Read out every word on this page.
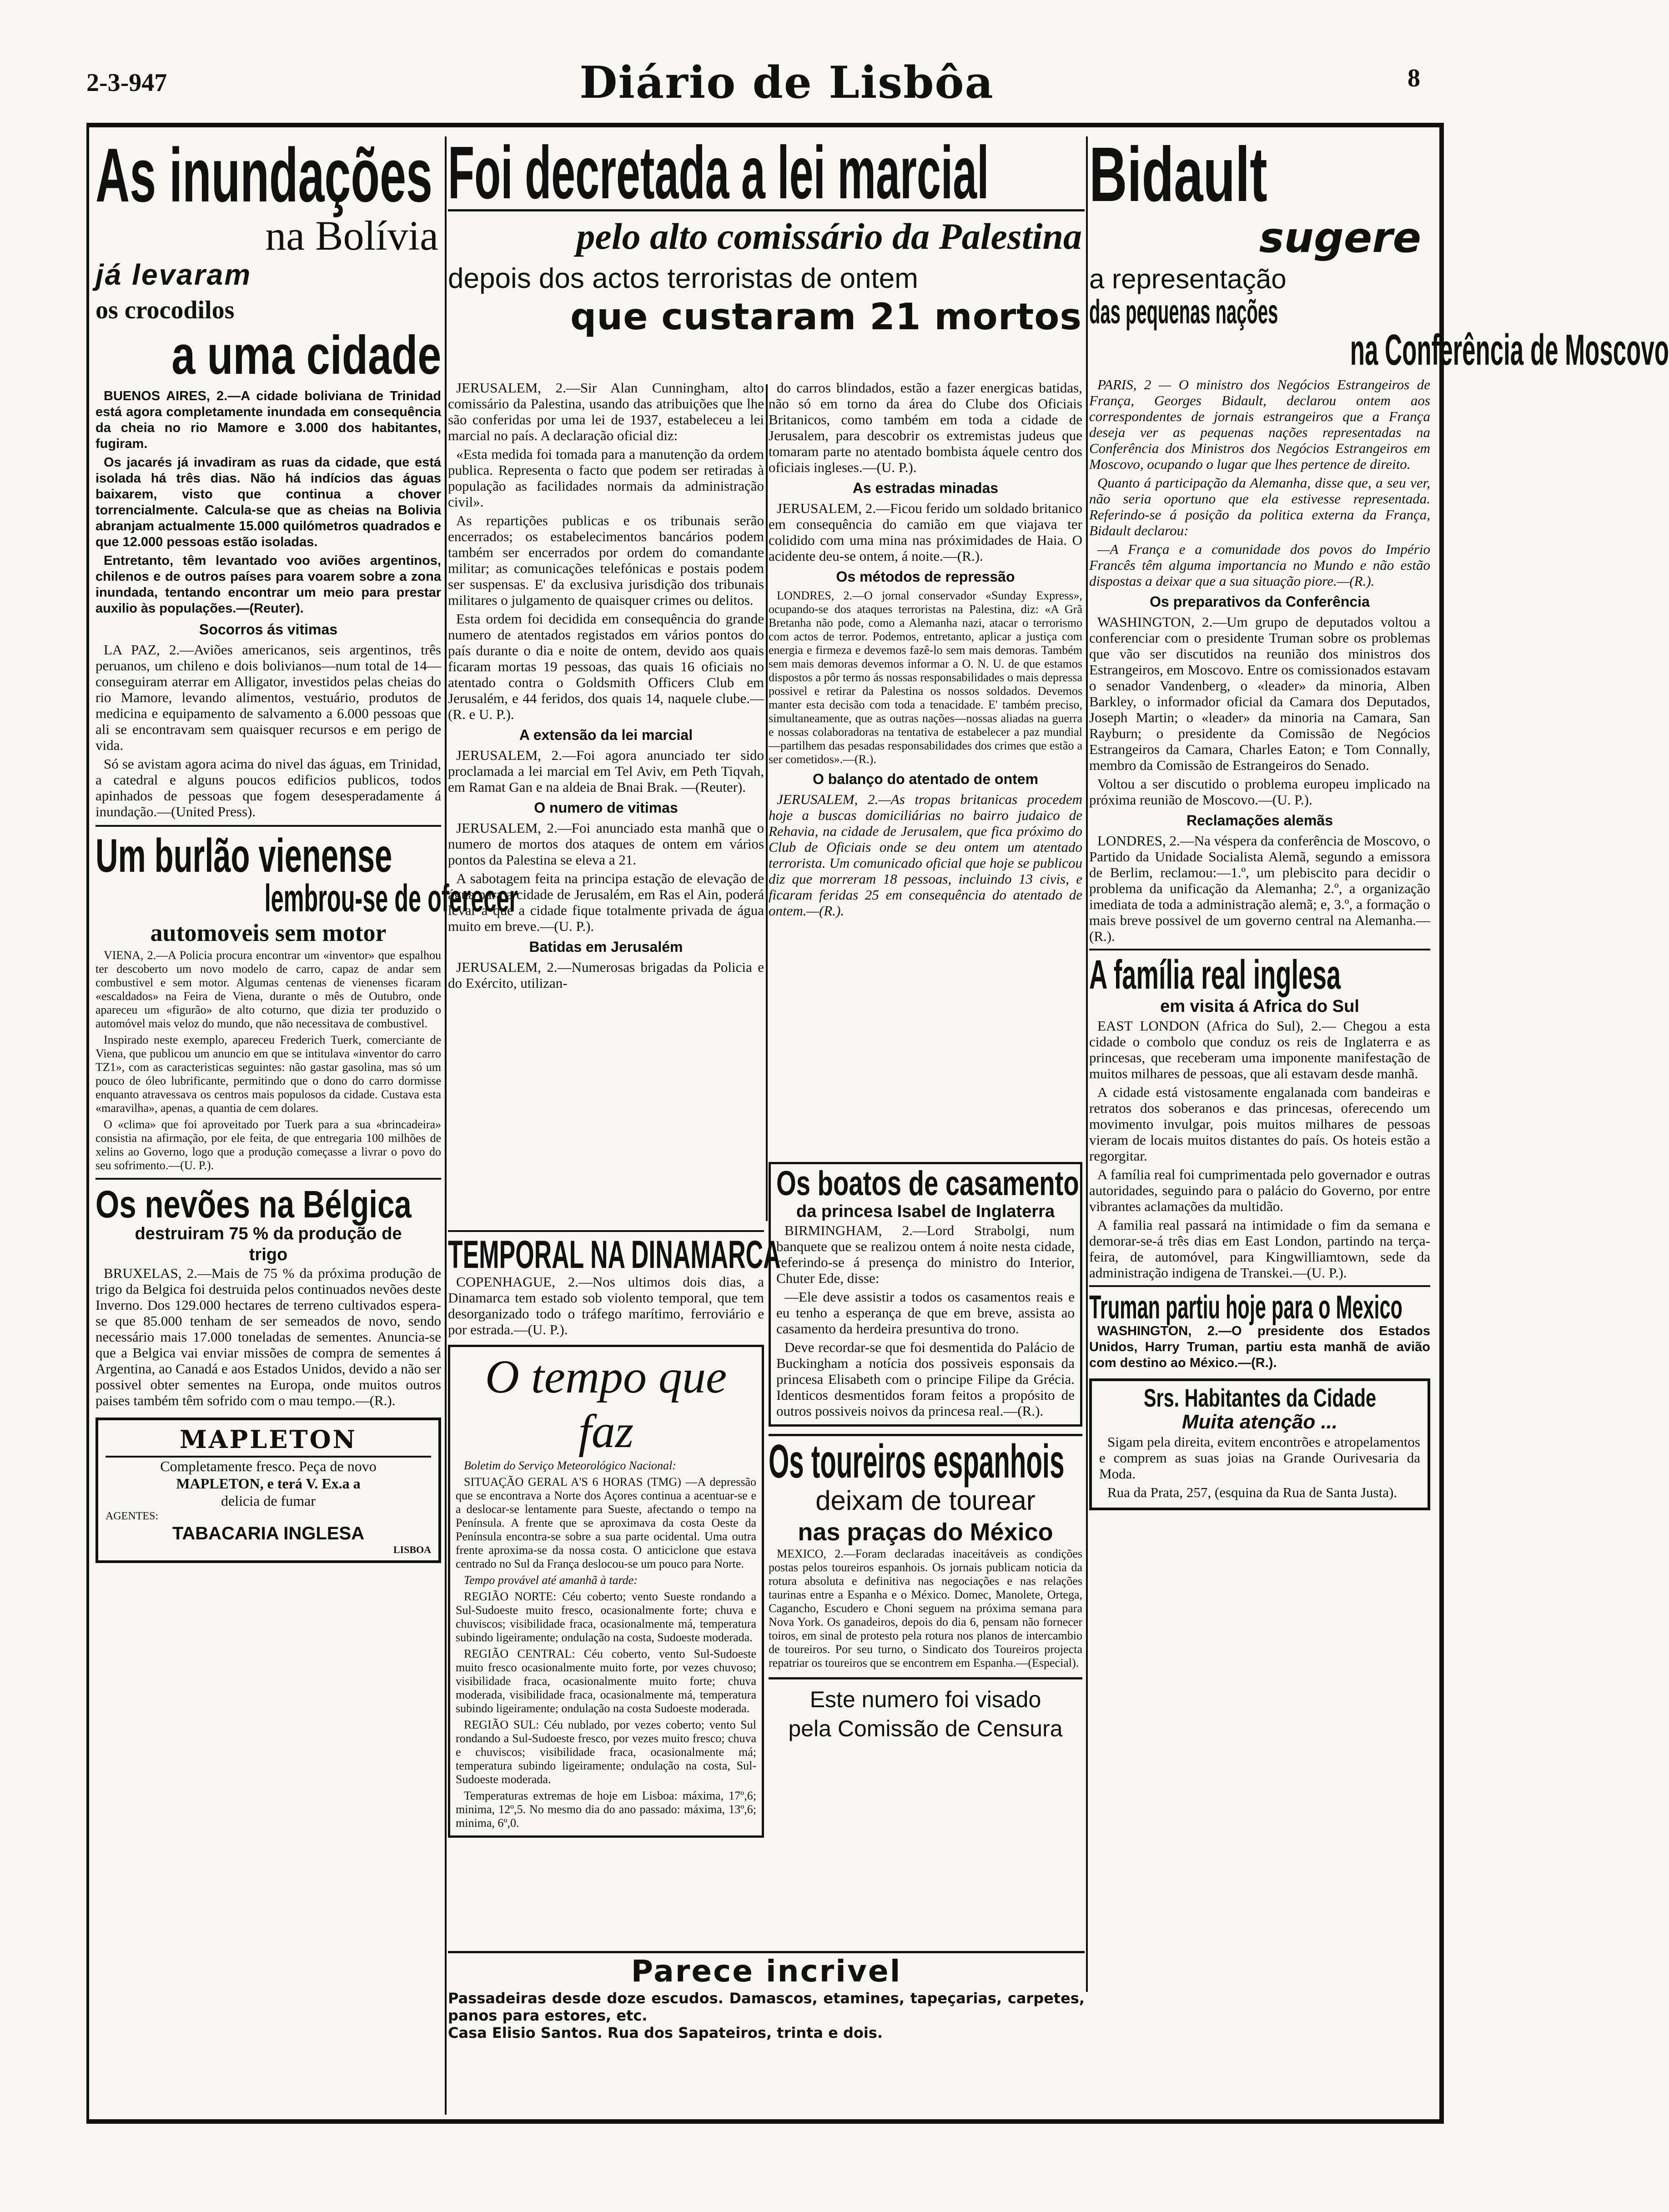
2-3-947	Diário de Lisbôa	8
As inundações
na Bolívia
já levaram
os crocodilos
a uma cidade

BUENOS AIRES, 2.—A cidade boliviana de Trinidad está agora completamente inundada em consequência da cheia no rio Mamore e 3.000 dos habitantes, fugiram.

Os jacarés já invadiram as ruas da cidade, que está isolada há três dias. Não há indícios das águas baixarem, visto que continua a chover torrencialmente. Calcula-se que as cheias na Bolivia abranjam actualmente 15.000 quilómetros quadrados e que 12.000 pessoas estão isoladas.

Entretanto, têm levantado voo aviões argentinos, chilenos e de outros países para voarem sobre a zona inundada, tentando encontrar um meio para prestar auxilio às populações.—(Reuter).

Socorros ás vitimas

LA PAZ, 2.—Aviões americanos, seis argentinos, três peruanos, um chileno e dois bolivianos—num total de 14—conseguiram aterrar em Alligator, investidos pelas cheias do rio Mamore, levando alimentos, vestuário, produtos de medicina e equipamento de salvamento a 6.000 pessoas que ali se encontravam sem quaisquer recursos e em perigo de vida.

Só se avistam agora acima do nivel das águas, em Trinidad, a catedral e alguns poucos edificios publicos, todos apinhados de pessoas que fogem desesperadamente á inundação.—(United Press).

Um burlão vienense
lembrou-se de oferecer
automoveis sem motor

VIENA, 2.—A Policia procura encontrar um «inventor» que espalhou ter descoberto um novo modelo de carro, capaz de andar sem combustivel e sem motor. Algumas centenas de vienenses ficaram «escaldados» na Feira de Viena, durante o mês de Outubro, onde apareceu um «figurão» de alto coturno, que dizia ter produzido o automóvel mais veloz do mundo, que não necessitava de combustivel.

Inspirado neste exemplo, apareceu Frederich Tuerk, comerciante de Viena, que publicou um anuncio em que se intitulava «inventor do carro TZ1», com as caracteristicas seguintes: não gastar gasolina, mas só um pouco de óleo lubrificante, permitindo que o dono do carro dormisse enquanto atravessava os centros mais populosos da cidade. Custava esta «maravilha», apenas, a quantia de cem dolares.

O «clima» que foi aproveitado por Tuerk para a sua «brincadeira» consistia na afirmação, por ele feita, de que entregaria 100 milhões de xelins ao Governo, logo que a produção começasse a livrar o povo do seu sofrimento.—(U. P.).

Os nevões na Bélgica
destruiram 75 % da produção de trigo

BRUXELAS, 2.—Mais de 75 % da próxima produção de trigo da Belgica foi destruida pelos continuados nevões deste Inverno. Dos 129.000 hectares de terreno cultivados espera-se que 85.000 tenham de ser semeados de novo, sendo necessário mais 17.000 toneladas de sementes. Anuncia-se que a Belgica vai enviar missões de compra de sementes á Argentina, ao Canadá e aos Estados Unidos, devido a não ser possivel obter sementes na Europa, onde muitos outros paises também têm sofrido com o mau tempo.—(R.).

MAPLETON
Completamente fresco. Peça de novo
MAPLETON, e terá V. Ex.a a
delicia de fumar
AGENTES:
TABACARIA INGLESA
LISBOA
Foi decretada a lei marcial
pelo alto comissário da Palestina
depois dos actos terroristas de ontem
que custaram 21 mortos

JERUSALEM, 2.—Sir Alan Cunningham, alto comissário da Palestina, usando das atribuições que lhe são conferidas por uma lei de 1937, estabeleceu a lei marcial no país. A declaração oficial diz:

«Esta medida foi tomada para a manutenção da ordem publica. Representa o facto que podem ser retiradas à população as facilidades normais da administração civil».

As repartições publicas e os tribunais serão encerrados; os estabelecimentos bancários podem também ser encerrados por ordem do comandante militar; as comunicações telefónicas e postais podem ser suspensas. E' da exclusiva jurisdição dos tribunais militares o julgamento de quaisquer crimes ou delitos.

Esta ordem foi decidida em consequência do grande numero de atentados registados em vários pontos do país durante o dia e noite de ontem, devido aos quais ficaram mortas 19 pessoas, das quais 16 oficiais no atentado contra o Goldsmith Officers Club em Jerusalém, e 44 feridos, dos quais 14, naquele clube.—(R. e U. P.).

A extensão da lei marcial

JERUSALEM, 2.—Foi agora anunciado ter sido proclamada a lei marcial em Tel Aviv, em Peth Tiqvah, em Ramat Gan e na aldeia de Bnai Brak. —(Reuter).

O numero de vitimas

JERUSALEM, 2.—Foi anunciado esta manhã que o numero de mortos dos ataques de ontem em vários pontos da Palestina se eleva a 21.

A sabotagem feita na principa estação de elevação de água para a cidade de Jerusalém, em Ras el Ain, poderá levar a que a cidade fique totalmente privada de água muito em breve.—(U. P.).

Batidas em Jerusalém

JERUSALEM, 2.—Numerosas brigadas da Policia e do Exército, utilizan-

do carros blindados, estão a fazer energicas batidas, não só em torno da área do Clube dos Oficiais Britanicos, como também em toda a cidade de Jerusalem, para descobrir os extremistas judeus que tomaram parte no atentado bombista áquele centro dos oficiais ingleses.—(U. P.).

As estradas minadas

JERUSALEM, 2.—Ficou ferido um soldado britanico em consequência do camião em que viajava ter colidido com uma mina nas próximidades de Haia. O acidente deu-se ontem, á noite.—(R.).

Os métodos de repressão

LONDRES, 2.—O jornal conservador «Sunday Express», ocupando-se dos ataques terroristas na Palestina, diz: «A Grã Bretanha não pode, como a Alemanha nazi, atacar o terrorismo com actos de terror. Podemos, entretanto, aplicar a justiça com energia e firmeza e devemos fazê-lo sem mais demoras. Também sem mais demoras devemos informar a O. N. U. de que estamos dispostos a pôr termo ás nossas responsabilidades o mais depressa possivel e retirar da Palestina os nossos soldados. Devemos manter esta decisão com toda a tenacidade. E' também preciso, simultaneamente, que as outras nações—nossas aliadas na guerra e nossas colaboradoras na tentativa de estabelecer a paz mundial—partilhem das pesadas responsabilidades dos crimes que estão a ser cometidos».—(R.).

O balanço do atentado de ontem

JERUSALEM, 2.—As tropas britanicas procedem hoje a buscas domiciliárias no bairro judaico de Rehavia, na cidade de Jerusalem, que fica próximo do Club de Oficiais onde se deu ontem um atentado terrorista. Um comunicado oficial que hoje se publicou diz que morreram 18 pessoas, incluindo 13 civis, e ficaram feridas 25 em consequência do atentado de ontem.—(R.).

TEMPORAL NA DINAMARCA

COPENHAGUE, 2.—Nos ultimos dois dias, a Dinamarca tem estado sob violento temporal, que tem desorganizado todo o tráfego marítimo, ferroviário e por estrada.—(U. P.).

O tempo que faz

Boletim do Serviço Meteorológico Nacional:

SITUAÇÃO GERAL A'S 6 HORAS (TMG) —A depressão que se encontrava a Norte dos Açores continua a acentuar-se e a deslocar-se lentamente para Sueste, afectando o tempo na Península. A frente que se aproximava da costa Oeste da Península encontra-se sobre a sua parte ocidental. Uma outra frente aproxima-se da nossa costa. O anticiclone que estava centrado no Sul da França deslocou-se um pouco para Norte.

Tempo provável até amanhã à tarde:

REGIÃO NORTE: Céu coberto; vento Sueste rondando a Sul-Sudoeste muito fresco, ocasionalmente forte; chuva e chuviscos; visibilidade fraca, ocasionalmente má, temperatura subindo ligeiramente; ondulação na costa, Sudoeste moderada.

REGIÃO CENTRAL: Céu coberto, vento Sul-Sudoeste muito fresco ocasionalmente muito forte, por vezes chuvoso; visibilidade fraca, ocasionalmente muito forte; chuva moderada, visibilidade fraca, ocasionalmente má, temperatura subindo ligeiramente; ondulação na costa Sudoeste moderada.

REGIÃO SUL: Céu nublado, por vezes coberto; vento Sul rondando a Sul-Sudoeste fresco, por vezes muito fresco; chuva e chuviscos; visibilidade fraca, ocasionalmente má; temperatura subindo ligeiramente; ondulação na costa, Sul-Sudoeste moderada.

Temperaturas extremas de hoje em Lisboa: máxima, 17º,6; minima, 12º,5. No mesmo dia do ano passado: máxima, 13º,6; minima, 6º,0.

Os boatos de casamento
da princesa Isabel de Inglaterra

BIRMINGHAM, 2.—Lord Strabolgi, num banquete que se realizou ontem á noite nesta cidade, referindo-se á presença do ministro do Interior, Chuter Ede, disse:

—Ele deve assistir a todos os casamentos reais e eu tenho a esperança de que em breve, assista ao casamento da herdeira presuntiva do trono.

Deve recordar-se que foi desmentida do Palácio de Buckingham a notícia dos possiveis esponsais da princesa Elisabeth com o principe Filipe da Grécia. Identicos desmentidos foram feitos a propósito de outros possiveis noivos da princesa real.—(R.).

Os toureiros espanhois
deixam de tourear
nas praças do México

MEXICO, 2.—Foram declaradas inaceitáveis as condições postas pelos toureiros espanhois. Os jornais publicam noticia da rotura absoluta e definitiva nas negociações e nas relações taurinas entre a Espanha e o México. Domec, Manolete, Ortega, Cagancho, Escudero e Choni seguem na próxima semana para Nova York. Os ganadeiros, depois do dia 6, pensam não fornecer toiros, em sinal de protesto pela rotura nos planos de intercambio de toureiros. Por seu turno, o Sindicato dos Toureiros projecta repatriar os toureiros que se encontrem em Espanha.—(Especial).

Este numero foi visado
pela Comissão de Censura
Parece incrivel
Passadeiras desde doze escudos. Damascos, etamines, tapeçarias, carpetes, panos para estores, etc.
Casa Elisio Santos. Rua dos Sapateiros, trinta e dois.
Bidault
sugere
a representação
das pequenas nações
na Conferência de Moscovo

PARIS, 2 — O ministro dos Negócios Estrangeiros de França, Georges Bidault, declarou ontem aos correspondentes de jornais estrangeiros que a França deseja ver as pequenas nações representadas na Conferência dos Ministros dos Negócios Estrangeiros em Moscovo, ocupando o lugar que lhes pertence de direito.

Quanto á participação da Alemanha, disse que, a seu ver, não seria oportuno que ela estivesse representada. Referindo-se á posição da politica externa da França, Bidault declarou:

—A França e a comunidade dos povos do Império Francês têm alguma importancia no Mundo e não estão dispostas a deixar que a sua situação piore.—(R.).

Os preparativos da Conferência

WASHINGTON, 2.—Um grupo de deputados voltou a conferenciar com o presidente Truman sobre os problemas que vão ser discutidos na reunião dos ministros dos Estrangeiros, em Moscovo. Entre os comissionados estavam o senador Vandenberg, o «leader» da minoria, Alben Barkley, o informador oficial da Camara dos Deputados, Joseph Martin; o «leader» da minoria na Camara, San Rayburn; o presidente da Comissão de Negócios Estrangeiros da Camara, Charles Eaton; e Tom Connally, membro da Comissão de Estrangeiros do Senado.

Voltou a ser discutido o problema europeu implicado na próxima reunião de Moscovo.—(U. P.).

Reclamações alemãs

LONDRES, 2.—Na véspera da conferência de Moscovo, o Partido da Unidade Socialista Alemã, segundo a emissora de Berlim, reclamou:—1.º, um plebiscito para decidir o problema da unificação da Alemanha; 2.º, a organização imediata de toda a administração alemã; e, 3.º, a formação o mais breve possivel de um governo central na Alemanha.—(R.).

A família real inglesa
em visita á Africa do Sul

EAST LONDON (Africa do Sul), 2.— Chegou a esta cidade o combolo que conduz os reis de Inglaterra e as princesas, que receberam uma imponente manifestação de muitos milhares de pessoas, que ali estavam desde manhã.

A cidade está vistosamente engalanada com bandeiras e retratos dos soberanos e das princesas, oferecendo um movimento invulgar, pois muitos milhares de pessoas vieram de locais muitos distantes do país. Os hoteis estão a regorgitar.

A família real foi cumprimentada pelo governador e outras autoridades, seguindo para o palácio do Governo, por entre vibrantes aclamações da multidão.

A familia real passará na intimidade o fim da semana e demorar-se-á três dias em East London, partindo na terça-feira, de automóvel, para Kingwilliamtown, sede da administração indigena de Transkei.—(U. P.).

Truman partiu hoje para o Mexico

WASHINGTON, 2.—O presidente dos Estados Unidos, Harry Truman, partiu esta manhã de avião com destino ao México.—(R.).

Srs. Habitantes da Cidade
Muita atenção ...

Sigam pela direita, evitem encontrões e atropelamentos e comprem as suas joias na Grande Ourivesaria da Moda.

Rua da Prata, 257, (esquina da Rua de Santa Justa).
